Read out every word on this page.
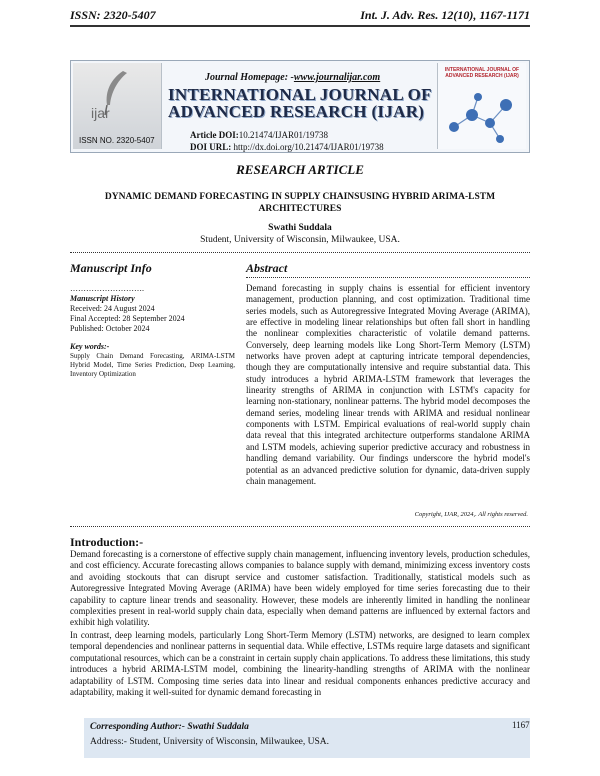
ISSN: 2320-5407	Int. J. Adv. Res. 12(10), 1167-1171
ijar
ISSN NO. 2320-5407
INTERNATIONAL JOURNAL OF ADVANCED RESEARCH (IJAR)
Journal Homepage: -www.journalijar.com
INTERNATIONAL JOURNAL OF
ADVANCED RESEARCH (IJAR)
Article DOI:10.21474/IJAR01/19738
DOI URL: http://dx.doi.org/10.21474/IJAR01/19738
RESEARCH ARTICLE
DYNAMIC DEMAND FORECASTING IN SUPPLY CHAINSUSING HYBRID ARIMA-LSTM ARCHITECTURES
Swathi Suddala
Student, University of Wisconsin, Milwaukee, USA.
Manuscript Info	Abstract
……………………….
Manuscript History
Received: 24 August 2024
Final Accepted: 28 September 2024
Published: October 2024
Key words:-
Supply Chain Demand Forecasting, ARIMA-LSTM Hybrid Model, Time Series Prediction, Deep Learning, Inventory Optimization
Demand forecasting in supply chains is essential for efficient inventory management, production planning, and cost optimization. Traditional time series models, such as Autoregressive Integrated Moving Average (ARIMA), are effective in modeling linear relationships but often fall short in handling the nonlinear complexities characteristic of volatile demand patterns. Conversely, deep learning models like Long Short-Term Memory (LSTM) networks have proven adept at capturing intricate temporal dependencies, though they are computationally intensive and require substantial data. This study introduces a hybrid ARIMA-LSTM framework that leverages the linearity strengths of ARIMA in conjunction with LSTM's capacity for learning non-stationary, nonlinear patterns. The hybrid model decomposes the demand series, modeling linear trends with ARIMA and residual nonlinear components with LSTM. Empirical evaluations of real-world supply chain data reveal that this integrated architecture outperforms standalone ARIMA and LSTM models, achieving superior predictive accuracy and robustness in handling demand variability. Our findings underscore the hybrid model's potential as an advanced predictive solution for dynamic, data-driven supply chain management.
Copyright, IJAR, 2024,. All rights reserved.
Introduction:-
Demand forecasting is a cornerstone of effective supply chain management, influencing inventory levels, production schedules, and cost efficiency. Accurate forecasting allows companies to balance supply with demand, minimizing excess inventory costs and avoiding stockouts that can disrupt service and customer satisfaction. Traditionally, statistical models such as Autoregressive Integrated Moving Average (ARIMA) have been widely employed for time series forecasting due to their capability to capture linear trends and seasonality. However, these models are inherently limited in handling the nonlinear complexities present in real-world supply chain data, especially when demand patterns are influenced by external factors and exhibit high volatility.
In contrast, deep learning models, particularly Long Short-Term Memory (LSTM) networks, are designed to learn complex temporal dependencies and nonlinear patterns in sequential data. While effective, LSTMs require large datasets and significant computational resources, which can be a constraint in certain supply chain applications. To address these limitations, this study introduces a hybrid ARIMA-LSTM model, combining the linearity-handling strengths of ARIMA with the nonlinear adaptability of LSTM. Composing time series data into linear and residual components enhances predictive accuracy and adaptability, making it well-suited for dynamic demand forecasting in
Corresponding Author:- Swathi Suddala
Address:- Student, University of Wisconsin, Milwaukee, USA.
1167
